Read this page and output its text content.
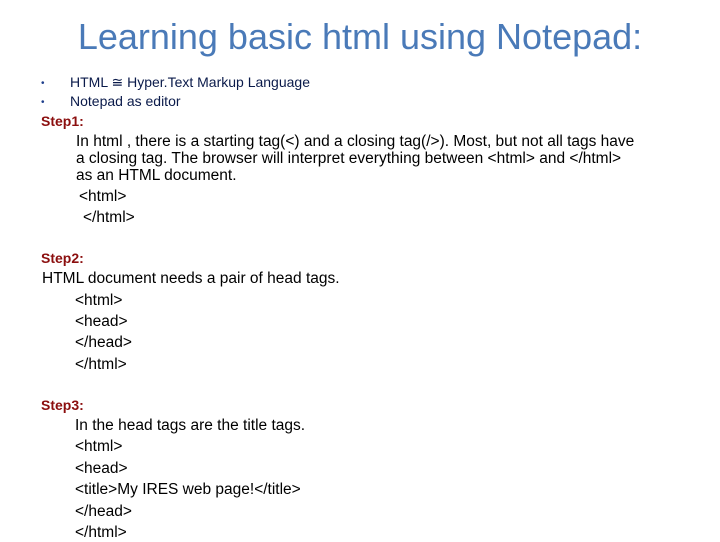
Learning basic html using Notepad:
• HTML ≅ Hyper.Text Markup Language
• Notepad as editor
Step1:
In html , there is a starting tag(<) and a closing tag(/>). Most, but not all tags have
a closing tag. The browser will interpret everything between <html> and </html>
as an HTML document.
<html>
</html>
Step2:
HTML document needs a pair of head tags.
<html>
<head>
</head>
</html>
Step3:
In the head tags are the title tags.
<html>
<head>
<title>My IRES web page!</title>
</head>
</html>
